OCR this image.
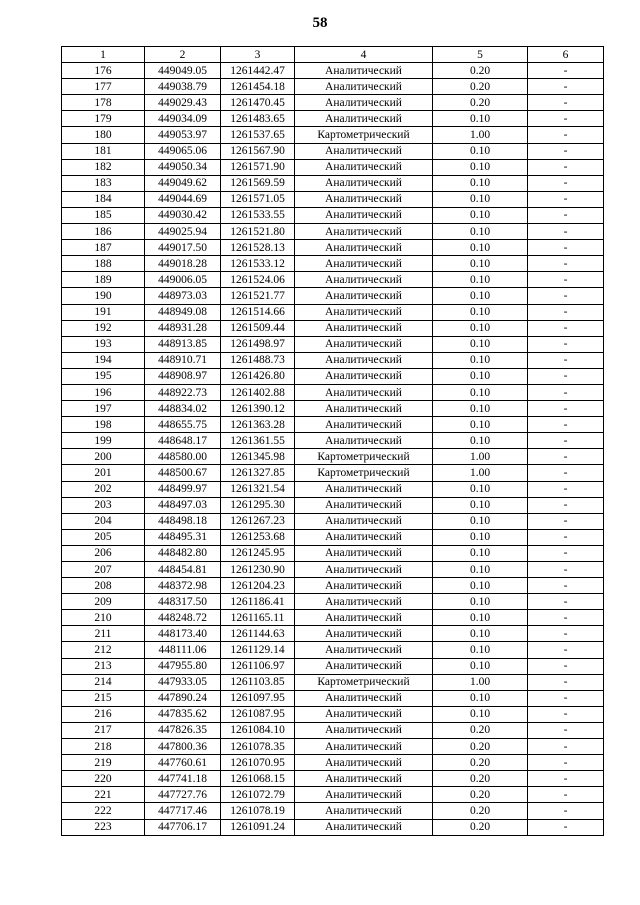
58
1	2	3	4	5	6
176	449049.05	1261442.47	Аналитический	0.20	-
177	449038.79	1261454.18	Аналитический	0.20	-
178	449029.43	1261470.45	Аналитический	0.20	-
179	449034.09	1261483.65	Аналитический	0.10	-
180	449053.97	1261537.65	Картометрический	1.00	-
181	449065.06	1261567.90	Аналитический	0.10	-
182	449050.34	1261571.90	Аналитический	0.10	-
183	449049.62	1261569.59	Аналитический	0.10	-
184	449044.69	1261571.05	Аналитический	0.10	-
185	449030.42	1261533.55	Аналитический	0.10	-
186	449025.94	1261521.80	Аналитический	0.10	-
187	449017.50	1261528.13	Аналитический	0.10	-
188	449018.28	1261533.12	Аналитический	0.10	-
189	449006.05	1261524.06	Аналитический	0.10	-
190	448973.03	1261521.77	Аналитический	0.10	-
191	448949.08	1261514.66	Аналитический	0.10	-
192	448931.28	1261509.44	Аналитический	0.10	-
193	448913.85	1261498.97	Аналитический	0.10	-
194	448910.71	1261488.73	Аналитический	0.10	-
195	448908.97	1261426.80	Аналитический	0.10	-
196	448922.73	1261402.88	Аналитический	0.10	-
197	448834.02	1261390.12	Аналитический	0.10	-
198	448655.75	1261363.28	Аналитический	0.10	-
199	448648.17	1261361.55	Аналитический	0.10	-
200	448580.00	1261345.98	Картометрический	1.00	-
201	448500.67	1261327.85	Картометрический	1.00	-
202	448499.97	1261321.54	Аналитический	0.10	-
203	448497.03	1261295.30	Аналитический	0.10	-
204	448498.18	1261267.23	Аналитический	0.10	-
205	448495.31	1261253.68	Аналитический	0.10	-
206	448482.80	1261245.95	Аналитический	0.10	-
207	448454.81	1261230.90	Аналитический	0.10	-
208	448372.98	1261204.23	Аналитический	0.10	-
209	448317.50	1261186.41	Аналитический	0.10	-
210	448248.72	1261165.11	Аналитический	0.10	-
211	448173.40	1261144.63	Аналитический	0.10	-
212	448111.06	1261129.14	Аналитический	0.10	-
213	447955.80	1261106.97	Аналитический	0.10	-
214	447933.05	1261103.85	Картометрический	1.00	-
215	447890.24	1261097.95	Аналитический	0.10	-
216	447835.62	1261087.95	Аналитический	0.10	-
217	447826.35	1261084.10	Аналитический	0.20	-
218	447800.36	1261078.35	Аналитический	0.20	-
219	447760.61	1261070.95	Аналитический	0.20	-
220	447741.18	1261068.15	Аналитический	0.20	-
221	447727.76	1261072.79	Аналитический	0.20	-
222	447717.46	1261078.19	Аналитический	0.20	-
223	447706.17	1261091.24	Аналитический	0.20	-
